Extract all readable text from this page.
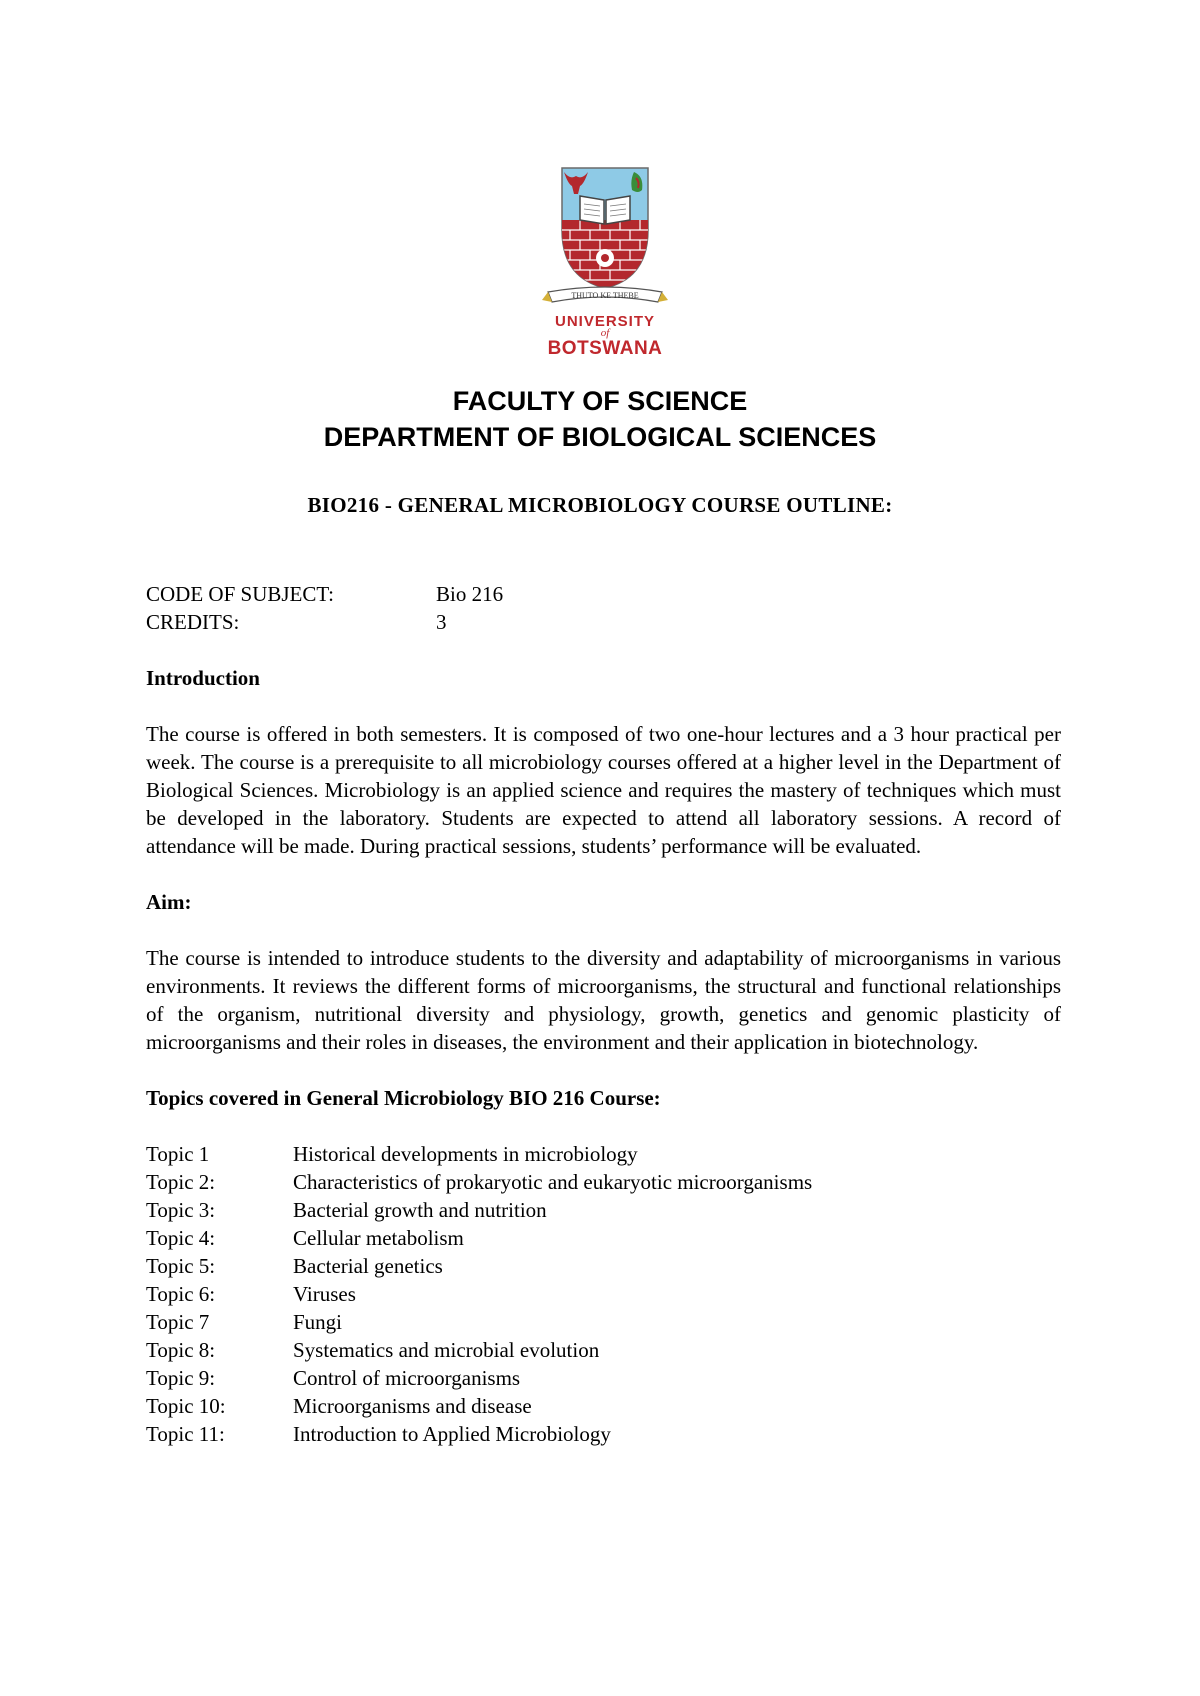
THUTO KE THEBE
UNIVERSITY
of
BOTSWANA
FACULTY OF SCIENCE
DEPARTMENT OF BIOLOGICAL SCIENCES
BIO216 - GENERAL MICROBIOLOGY COURSE OUTLINE:
CODE OF SUBJECT:	Bio 216
CREDITS:	3
Introduction
The course is offered in both semesters. It is composed of two one-hour lectures and a 3 hour practical per week. The course is a prerequisite to all microbiology courses offered at a higher level in the Department of Biological Sciences. Microbiology is an applied science and requires the mastery of techniques which must be developed in the laboratory. Students are expected to attend all laboratory sessions. A record of attendance will be made. During practical sessions, students’ performance will be evaluated.
Aim:
The course is intended to introduce students to the diversity and adaptability of microorganisms in various environments. It reviews the different forms of microorganisms, the structural and functional relationships of the organism, nutritional diversity and physiology, growth, genetics and genomic plasticity of microorganisms and their roles in diseases, the environment and their application in biotechnology.
Topics covered in General Microbiology BIO 216 Course:
Topic 1	Historical developments in microbiology
Topic 2:	Characteristics of prokaryotic and eukaryotic microorganisms
Topic 3:	Bacterial growth and nutrition
Topic 4:	Cellular metabolism
Topic 5:	Bacterial genetics
Topic 6:	Viruses
Topic 7	Fungi
Topic 8:	Systematics and microbial evolution
Topic 9:	Control of microorganisms
Topic 10:	Microorganisms and disease
Topic 11:	Introduction to Applied Microbiology
